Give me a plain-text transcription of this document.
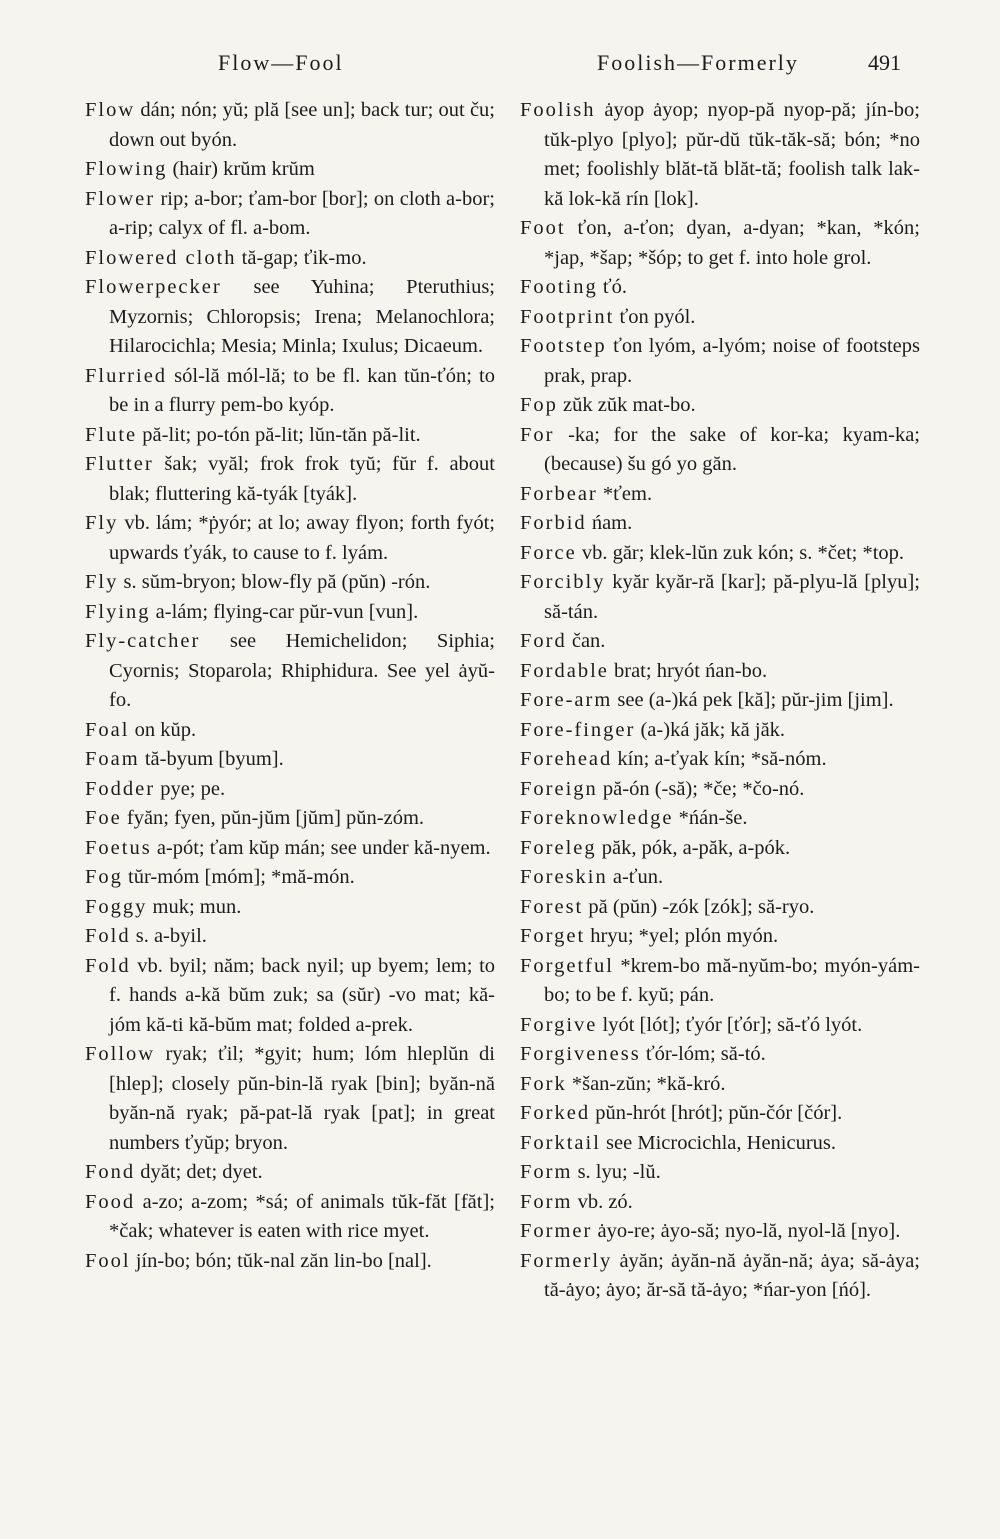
Flow—Fool	Foolish—Formerly	491
Flow dán; nón; yŭ; plă [see un]; back tur; out ču; down out byón.
Flowing (hair) krŭm krŭm
Flower rip; a-bor; ťam-bor [bor]; on cloth a-bor; a-rip; calyx of fl. a-bom.
Flowered cloth tă-gap; ťik-mo.
Flowerpecker see Yuhina; Pteruthius; Myzornis; Chloropsis; Irena; Melanochlora; Hilarocichla; Mesia; Minla; Ixulus; Dicaeum.
Flurried sól-lă mól-lă; to be fl. kan tŭn-ťón; to be in a flurry pem-bo kyóp.
Flute pă-lit; po-tón pă-lit; lŭn-tăn pă-lit.
Flutter šak; vyăl; frok frok tyŭ; fŭr f. about blak; fluttering kă-tyák [tyák].
Fly vb. lám; *ṗyór; at lo; away flyon; forth fyót; upwards ťyák, to cause to f. lyám.
Fly s. sŭm-bryon; blow-fly pă (pŭn) -rón.
Flying a-lám; flying-car pŭr-vun [vun].
Fly-catcher see Hemichelidon; Siphia; Cyornis; Stoparola; Rhiphidura. See yel ȧyŭ-fo.
Foal on kŭp.
Foam tă-byum [byum].
Fodder pye; pe.
Foe fyăn; fyen, pŭn-jŭm [jŭm] pŭn-zóm.
Foetus a-pót; ťam kŭp mán; see under kă-nyem.
Fog tŭr-móm [móm]; *mă-món.
Foggy muk; mun.
Fold s. a-byil.
Fold vb. byil; năm; back nyil; up byem; lem; to f. hands a-kă bŭm zuk; sa (sŭr) -vo mat; kă-jóm kă-ti kă-bŭm mat; folded a-prek.
Follow ryak; ťil; *gyit; hum; lóm hleplŭn di [hlep]; closely pŭn-bin-lă ryak [bin]; byăn-nă byăn-nă ryak; pă-pat-lă ryak [pat]; in great numbers ťyŭp; bryon.
Fond dyăt; det; dyet.
Food a-zo; a-zom; *sá; of animals tŭk-făt [făt]; *čak; whatever is eaten with rice myet.
Fool jín-bo; bón; tŭk-nal zăn lin-bo [nal].
Foolish ȧyop ȧyop; nyop-pă nyop-pă; jín-bo; tŭk-plyo [plyo]; pŭr-dŭ tŭk-tăk-să; bón; *no met; foolishly blăt-tă blăt-tă; foolish talk lak-kă lok-kă rín [lok].
Foot ťon, a-ťon; dyan, a-dyan; *kan, *kón; *jap, *šap; *šóp; to get f. into hole grol.
Footing ťó.
Footprint ťon pyól.
Footstep ťon lyóm, a-lyóm; noise of footsteps prak, prap.
Fop zŭk zŭk mat-bo.
For -ka; for the sake of kor-ka; kyam-ka; (because) šu gó yo găn.
Forbear *ťem.
Forbid ńam.
Force vb. găr; klek-lŭn zuk kón; s. *čet; *top.
Forcibly kyăr kyăr-ră [kar]; pă-plyu-lă [plyu]; să-tán.
Ford čan.
Fordable brat; hryót ńan-bo.
Fore-arm see (a-)ká pek [kă]; pŭr-jim [jim].
Fore-finger (a-)ká jăk; kă jăk.
Forehead kín; a-ťyak kín; *să-nóm.
Foreign pă-ón (-să); *če; *čo-nó.
Foreknowledge *ńán-še.
Foreleg păk, pók, a-păk, a-pók.
Foreskin a-ťun.
Forest pă (pŭn) -zók [zók]; să-ryo.
Forget hryu; *yel; plón myón.
Forgetful *krem-bo mă-nyŭm-bo; myón-yám-bo; to be f. kyŭ; pán.
Forgive lyót [lót]; ťyór [ťór]; să-ťó lyót.
Forgiveness ťór-lóm; să-tó.
Fork *šan-zŭn; *kă-kró.
Forked pŭn-hrót [hrót]; pŭn-čór [čór].
Forktail see Microcichla, Henicurus.
Form s. lyu; -lŭ.
Form vb. zó.
Former ȧyo-re; ȧyo-să; nyo-lă, nyol-lă [nyo].
Formerly ȧyăn; ȧyăn-nă ȧyăn-nă; ȧya; să-ȧya; tă-ȧyo; ȧyo; ăr-să tă-ȧyo; *ńar-yon [ńó].
